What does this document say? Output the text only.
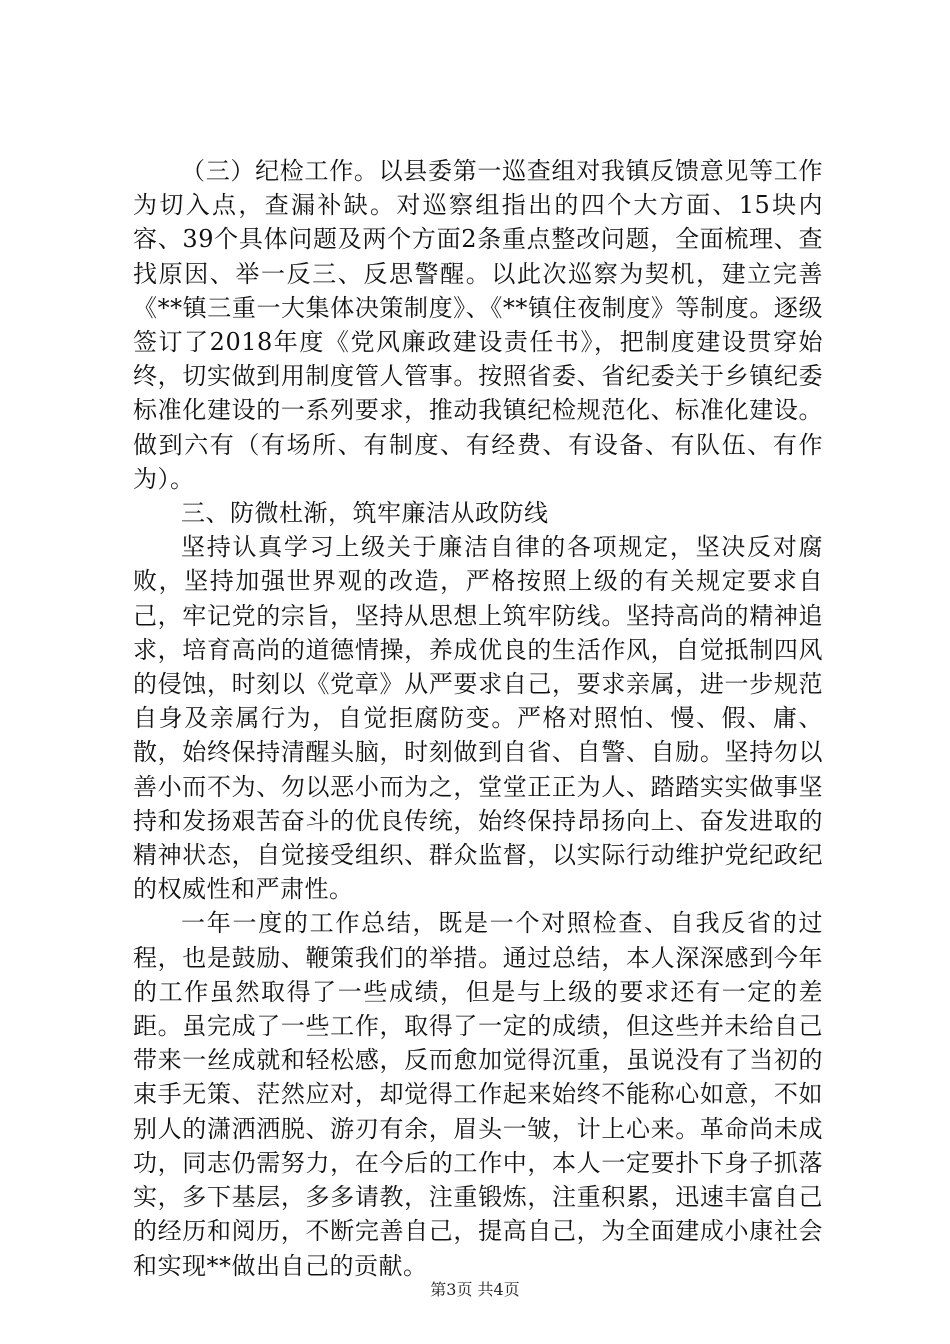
（三）纪检工作。以县委第一巡查组对我镇反馈意见等工作为切入点，查漏补缺。对巡察组指出的四个大方面、15块内容、39个具体问题及两个方面2条重点整改问题，全面梳理、查找原因、举一反三、反思警醒。以此次巡察为契机，建立完善《**镇三重一大集体决策制度》、《**镇住夜制度》等制度。逐级签订了2018年度《党风廉政建设责任书》，把制度建设贯穿始终，切实做到用制度管人管事。按照省委、省纪委关于乡镇纪委标准化建设的一系列要求，推动我镇纪检规范化、标准化建设。做到六有（有场所、有制度、有经费、有设备、有队伍、有作为）。

三、防微杜渐，筑牢廉洁从政防线

坚持认真学习上级关于廉洁自律的各项规定，坚决反对腐败，坚持加强世界观的改造，严格按照上级的有关规定要求自己，牢记党的宗旨，坚持从思想上筑牢防线。坚持高尚的精神追求，培育高尚的道德情操，养成优良的生活作风，自觉抵制四风的侵蚀，时刻以《党章》从严要求自己，要求亲属，进一步规范自身及亲属行为，自觉拒腐防变。严格对照怕、慢、假、庸、散，始终保持清醒头脑，时刻做到自省、自警、自励。坚持勿以善小而不为、勿以恶小而为之，堂堂正正为人、踏踏实实做事坚持和发扬艰苦奋斗的优良传统，始终保持昂扬向上、奋发进取的精神状态，自觉接受组织、群众监督，以实际行动维护党纪政纪的权威性和严肃性。

一年一度的工作总结，既是一个对照检查、自我反省的过程，也是鼓励、鞭策我们的举措。通过总结，本人深深感到今年的工作虽然取得了一些成绩，但是与上级的要求还有一定的差距。虽完成了一些工作，取得了一定的成绩，但这些并未给自己带来一丝成就和轻松感，反而愈加觉得沉重，虽说没有了当初的束手无策、茫然应对，却觉得工作起来始终不能称心如意，不如别人的潇洒洒脱、游刃有余，眉头一皱，计上心来。革命尚未成功，同志仍需努力，在今后的工作中，本人一定要扑下身子抓落实，多下基层，多多请教，注重锻炼，注重积累，迅速丰富自己的经历和阅历，不断完善自己，提高自己，为全面建成小康社会和实现**做出自己的贡献。

第3页 共4页
